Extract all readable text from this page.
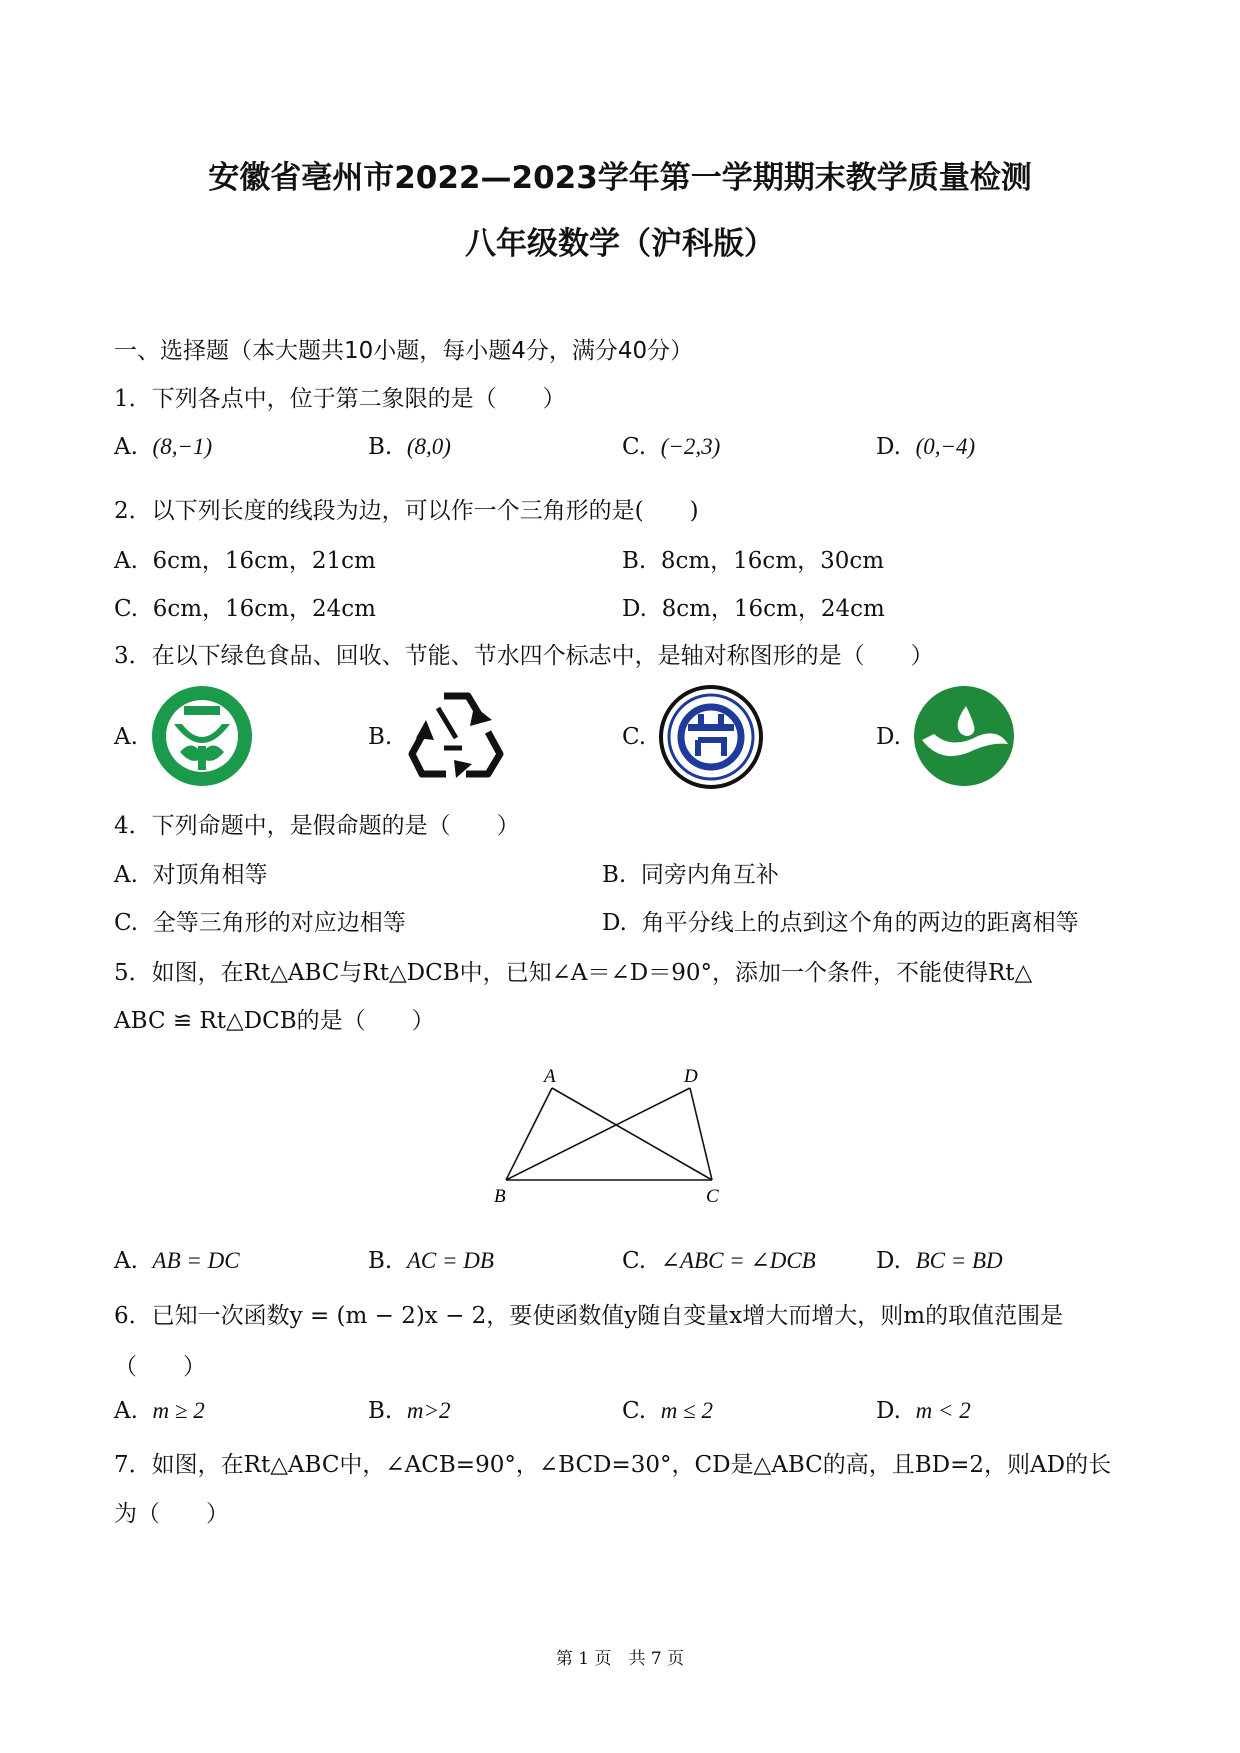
安徽省亳州市2022—2023学年第一学期期末教学质量检测
八年级数学（沪科版）
一、选择题（本大题共10小题，每小题4分，满分40分）
1．下列各点中，位于第二象限的是（　　）
A. (8,−1)	B. (8,0)	C. (−2,3)	D. (0,−4)
2．以下列长度的线段为边，可以作一个三角形的是(　　)
A. 6cm，16cm，21cm	B. 8cm，16cm，30cm
C. 6cm，16cm，24cm	D. 8cm，16cm，24cm
3．在以下绿色食品、回收、节能、节水四个标志中，是轴对称图形的是（　　）
A.	B.	C.	D.
4．下列命题中，是假命题的是（　　）
A. 对顶角相等	B. 同旁内角互补
C. 全等三角形的对应边相等	D. 角平分线上的点到这个角的两边的距离相等
5．如图，在Rt△ABC与Rt△DCB中，已知∠A＝∠D＝90°，添加一个条件，不能使得Rt△
ABC ≌ Rt△DCB的是（　　）
A	D
B	C
A. AB = DC	B. AC = DB	C. ∠ABC = ∠DCB	D. BC = BD
6．已知一次函数y = (m − 2)x − 2，要使函数值y随自变量x增大而增大，则m的取值范围是
（　　）
A. m ≥ 2	B. m>2	C. m ≤ 2	D. m < 2
7．如图，在Rt△ABC中，∠ACB=90°，∠BCD=30°，CD是△ABC的高，且BD=2，则AD的长
为（　　）
第 1 页　共 7 页
